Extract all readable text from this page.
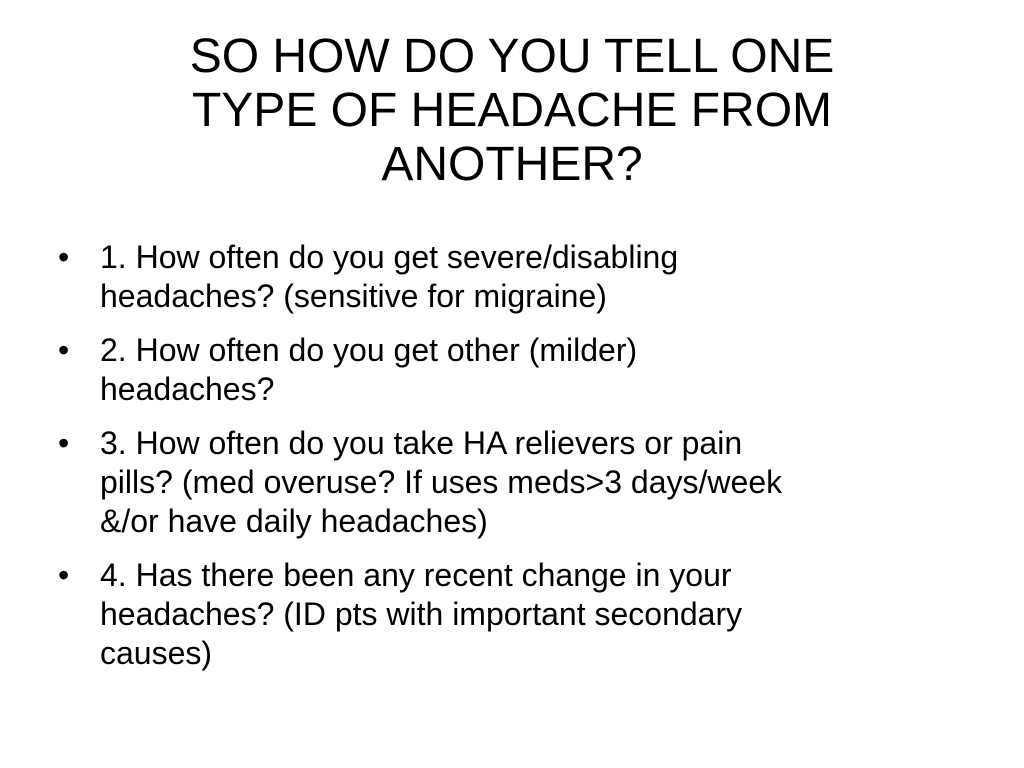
SO HOW DO YOU TELL ONE
TYPE OF HEADACHE FROM
ANOTHER?
• 1. How often do you get severe/disabling
headaches? (sensitive for migraine)
• 2. How often do you get other (milder)
headaches?
• 3. How often do you take HA relievers or pain
pills? (med overuse? If uses meds>3 days/week
&/or have daily headaches)
• 4. Has there been any recent change in your
headaches? (ID pts with important secondary
causes)
